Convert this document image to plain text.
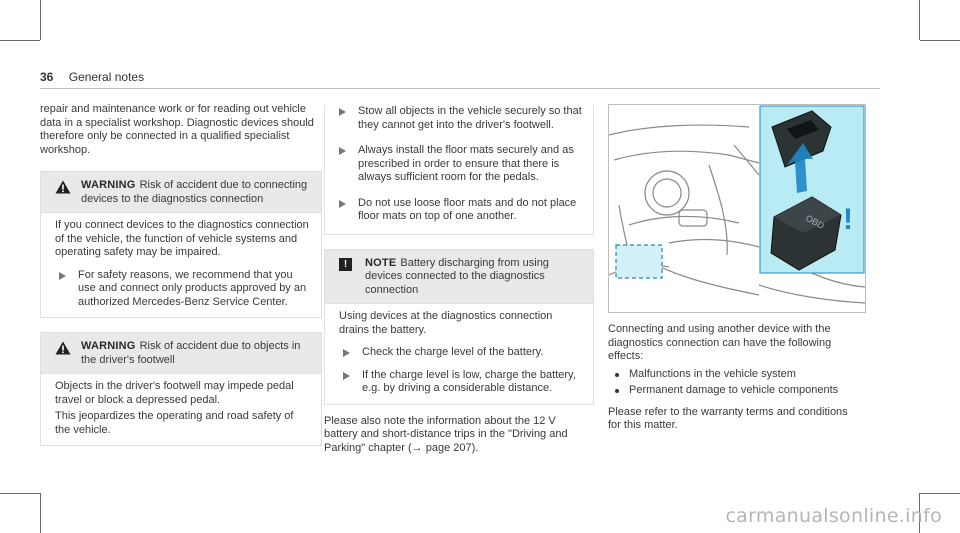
36 General notes

repair and maintenance work or for reading out vehicle data in a specialist workshop. Diagnostic devices should therefore only be connected in a qualified specialist workshop.

WARNING Risk of accident due to connecting devices to the diagnostics connection

If you connect devices to the diagnostics connection of the vehicle, the function of vehicle systems and operating safety may be impaired.

For safety reasons, we recommend that you use and connect only products approved by an authorized Mercedes-Benz Service Center.
WARNING Risk of accident due to objects in the driver's footwell

Objects in the driver's footwell may impede pedal travel or block a depressed pedal.

This jeopardizes the operating and road safety of the vehicle.

Stow all objects in the vehicle securely so that they cannot get into the driver's footwell.
Always install the floor mats securely and as prescribed in order to ensure that there is always sufficient room for the pedals.
Do not use loose floor mats and do not place floor mats on top of one another.
!	NOTE Battery discharging from using devices connected to the diagnostics connection

Using devices at the diagnostics connection drains the battery.

Check the charge level of the battery.
If the charge level is low, charge the battery, e.g. by driving a considerable distance.

Please also note the information about the 12 V battery and short-distance trips in the "Driving and Parking" chapter (→ page 207).

OBD !

Connecting and using another device with the diagnostics connection can have the following effects:

Malfunctions in the vehicle system
Permanent damage to vehicle components

Please refer to the warranty terms and conditions for this matter.

carmanualsonline.info
